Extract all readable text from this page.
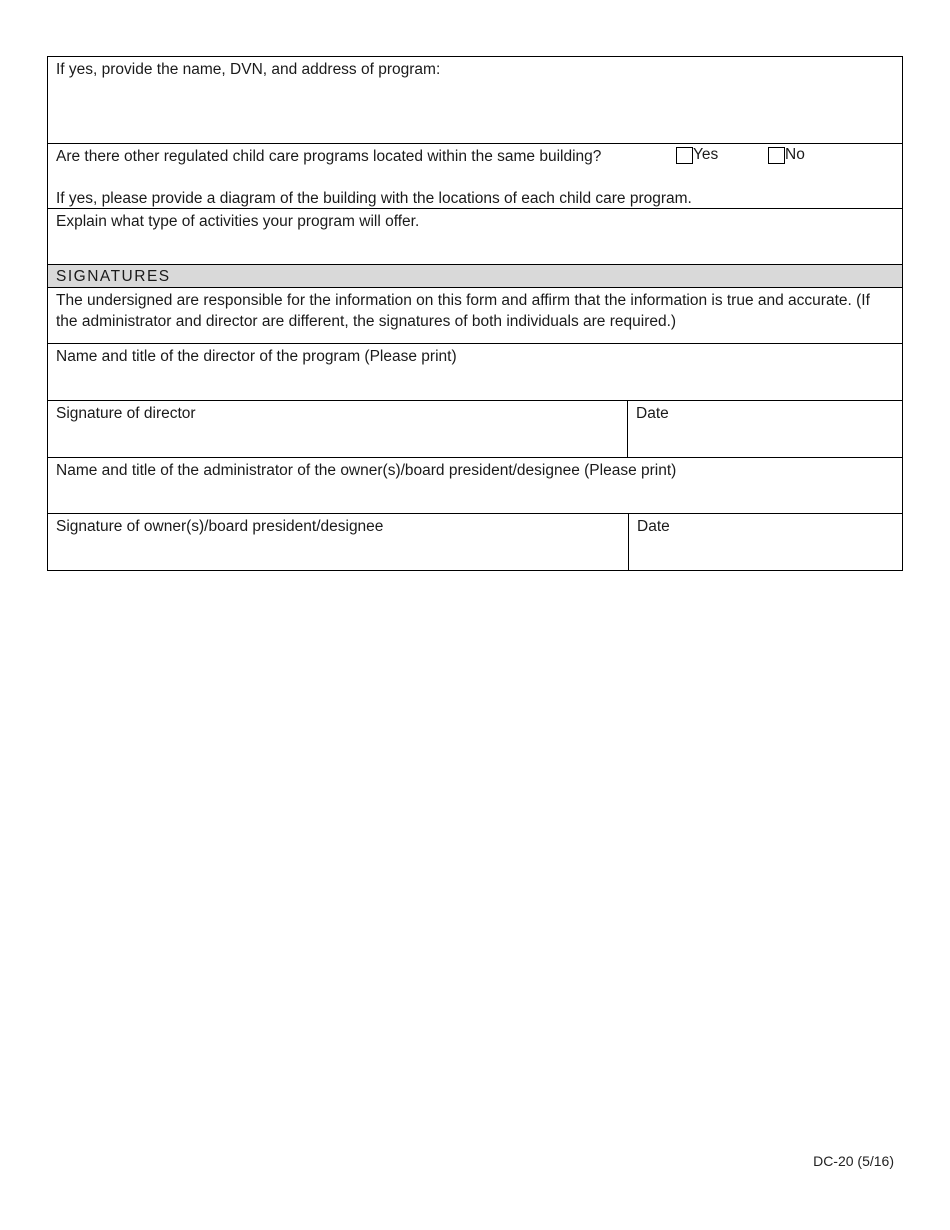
If yes, provide the name, DVN, and address of program:
Are there other regulated child care programs located within the same building?	Yes	No
If yes, please provide a diagram of the building with the locations of each child care program.
Explain what type of activities your program will offer.
SIGNATURES
The undersigned are responsible for the information on this form and affirm that the information is true and accurate. (If the administrator and director are different, the signatures of both individuals are required.)
Name and title of the director of the program (Please print)
Signature of director	Date
Name and title of the administrator of the owner(s)/board president/designee (Please print)
Signature of owner(s)/board president/designee	Date
DC-20 (5/16)
